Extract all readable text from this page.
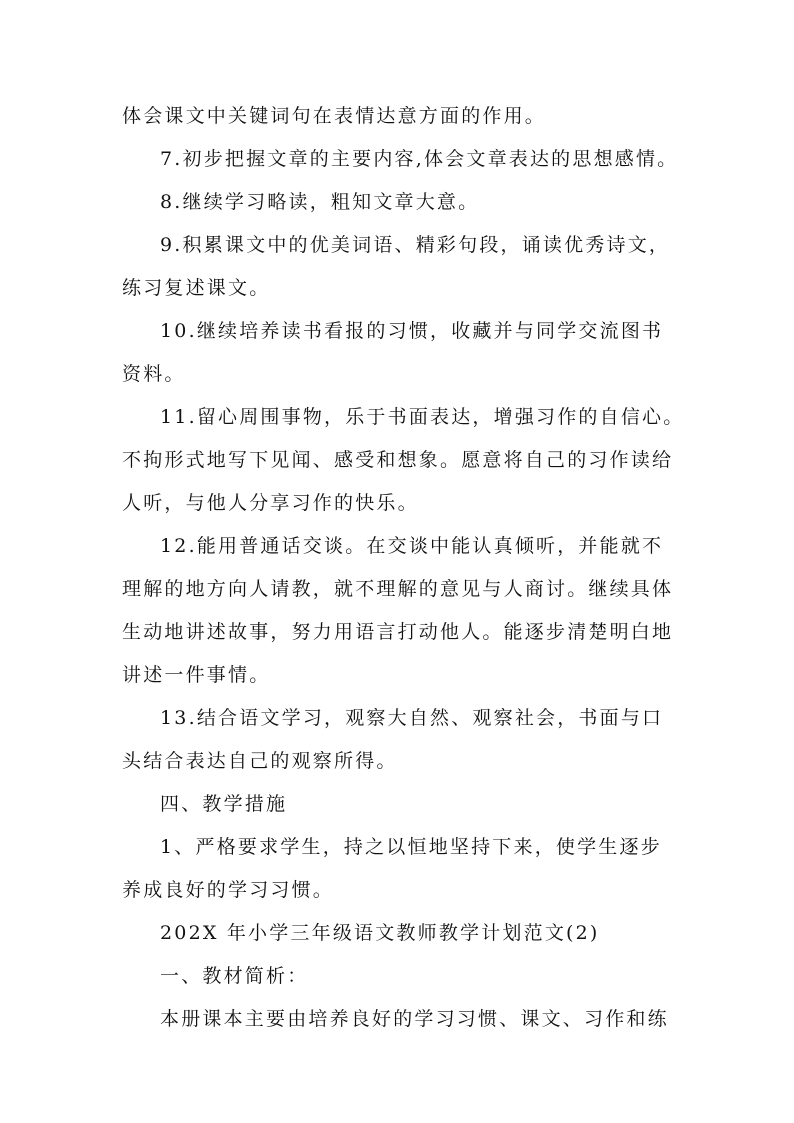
体会课文中关键词句在表情达意方面的作用。
7.初步把握文章的主要内容,体会文章表达的思想感情。
8.继续学习略读，粗知文章大意。
9.积累课文中的优美词语、精彩句段，诵读优秀诗文，
练习复述课文。
10.继续培养读书看报的习惯，收藏并与同学交流图书
资料。
11.留心周围事物，乐于书面表达，增强习作的自信心。
不拘形式地写下见闻、感受和想象。愿意将自己的习作读给
人听，与他人分享习作的快乐。
12.能用普通话交谈。在交谈中能认真倾听，并能就不
理解的地方向人请教，就不理解的意见与人商讨。继续具体
生动地讲述故事，努力用语言打动他人。能逐步清楚明白地
讲述一件事情。
13.结合语文学习，观察大自然、观察社会，书面与口
头结合表达自己的观察所得。
四、教学措施
1、严格要求学生，持之以恒地坚持下来，使学生逐步
养成良好的学习习惯。
202X 年小学三年级语文教师教学计划范文(2)
一、教材简析：
本册课本主要由培养良好的学习习惯、课文、习作和练
